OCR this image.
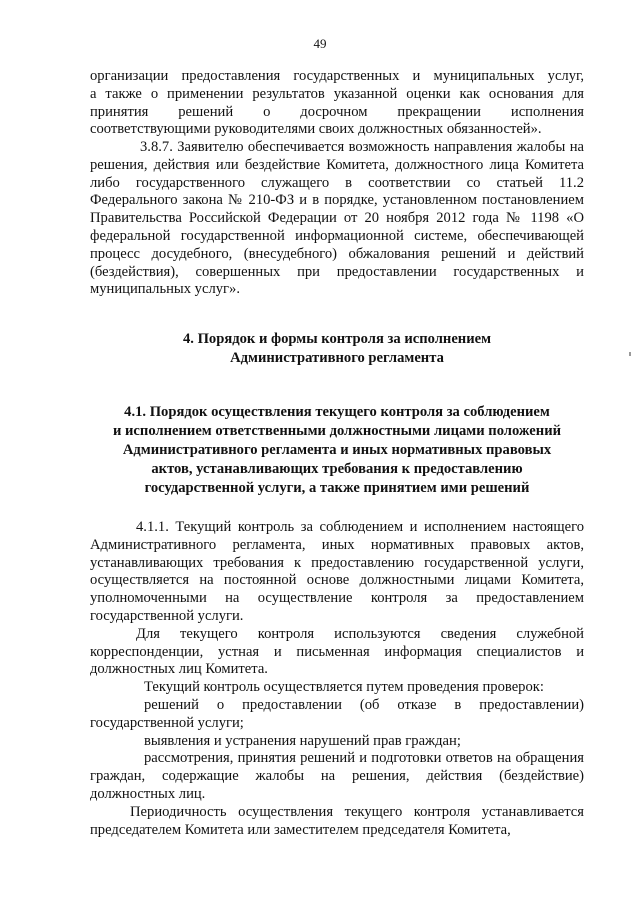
49

организации предоставления государственных и муниципальных услуг,

а также о применении результатов указанной оценки как основания для

принятия решений о досрочном прекращении исполнения

соответствующими руководителями своих должностных обязанностей».

3.8.7. Заявителю обеспечивается возможность направления жалобы на решения, действия или бездействие Комитета, должностного лица Комитета либо государственного служащего в соответствии со статьей 11.2 Федерального закона № 210-ФЗ и в порядке, установленном постановлением Правительства Российской Федерации от 20 ноября 2012 года № 1198 «О федеральной государственной информационной системе, обеспечивающей процесс досудебного, (внесудебного) обжалования решений и действий (бездействия), совершенных при предоставлении государственных и муниципальных услуг».

4. Порядок и формы контроля за исполнением
Административного регламента
4.1. Порядок осуществления текущего контроля за соблюдением
и исполнением ответственными должностными лицами положений
Административного регламента и иных нормативных правовых
актов, устанавливающих требования к предоставлению
государственной услуги, а также принятием ими решений

4.1.1. Текущий контроль за соблюдением и исполнением настоящего Административного регламента, иных нормативных правовых актов, устанавливающих требования к предоставлению государственной услуги, осуществляется на постоянной основе должностными лицами Комитета, уполномоченными на осуществление контроля за предоставлением государственной услуги.

Для текущего контроля используются сведения служебной корреспонденции, устная и письменная информация специалистов и должностных лиц Комитета.

Текущий контроль осуществляется путем проведения проверок:

решений о предоставлении (об отказе в предоставлении) государственной услуги;

выявления и устранения нарушений прав граждан;

рассмотрения, принятия решений и подготовки ответов на обращения граждан, содержащие жалобы на решения, действия (бездействие) должностных лиц.

Периодичность осуществления текущего контроля устанавливается председателем Комитета или заместителем председателя Комитета,
